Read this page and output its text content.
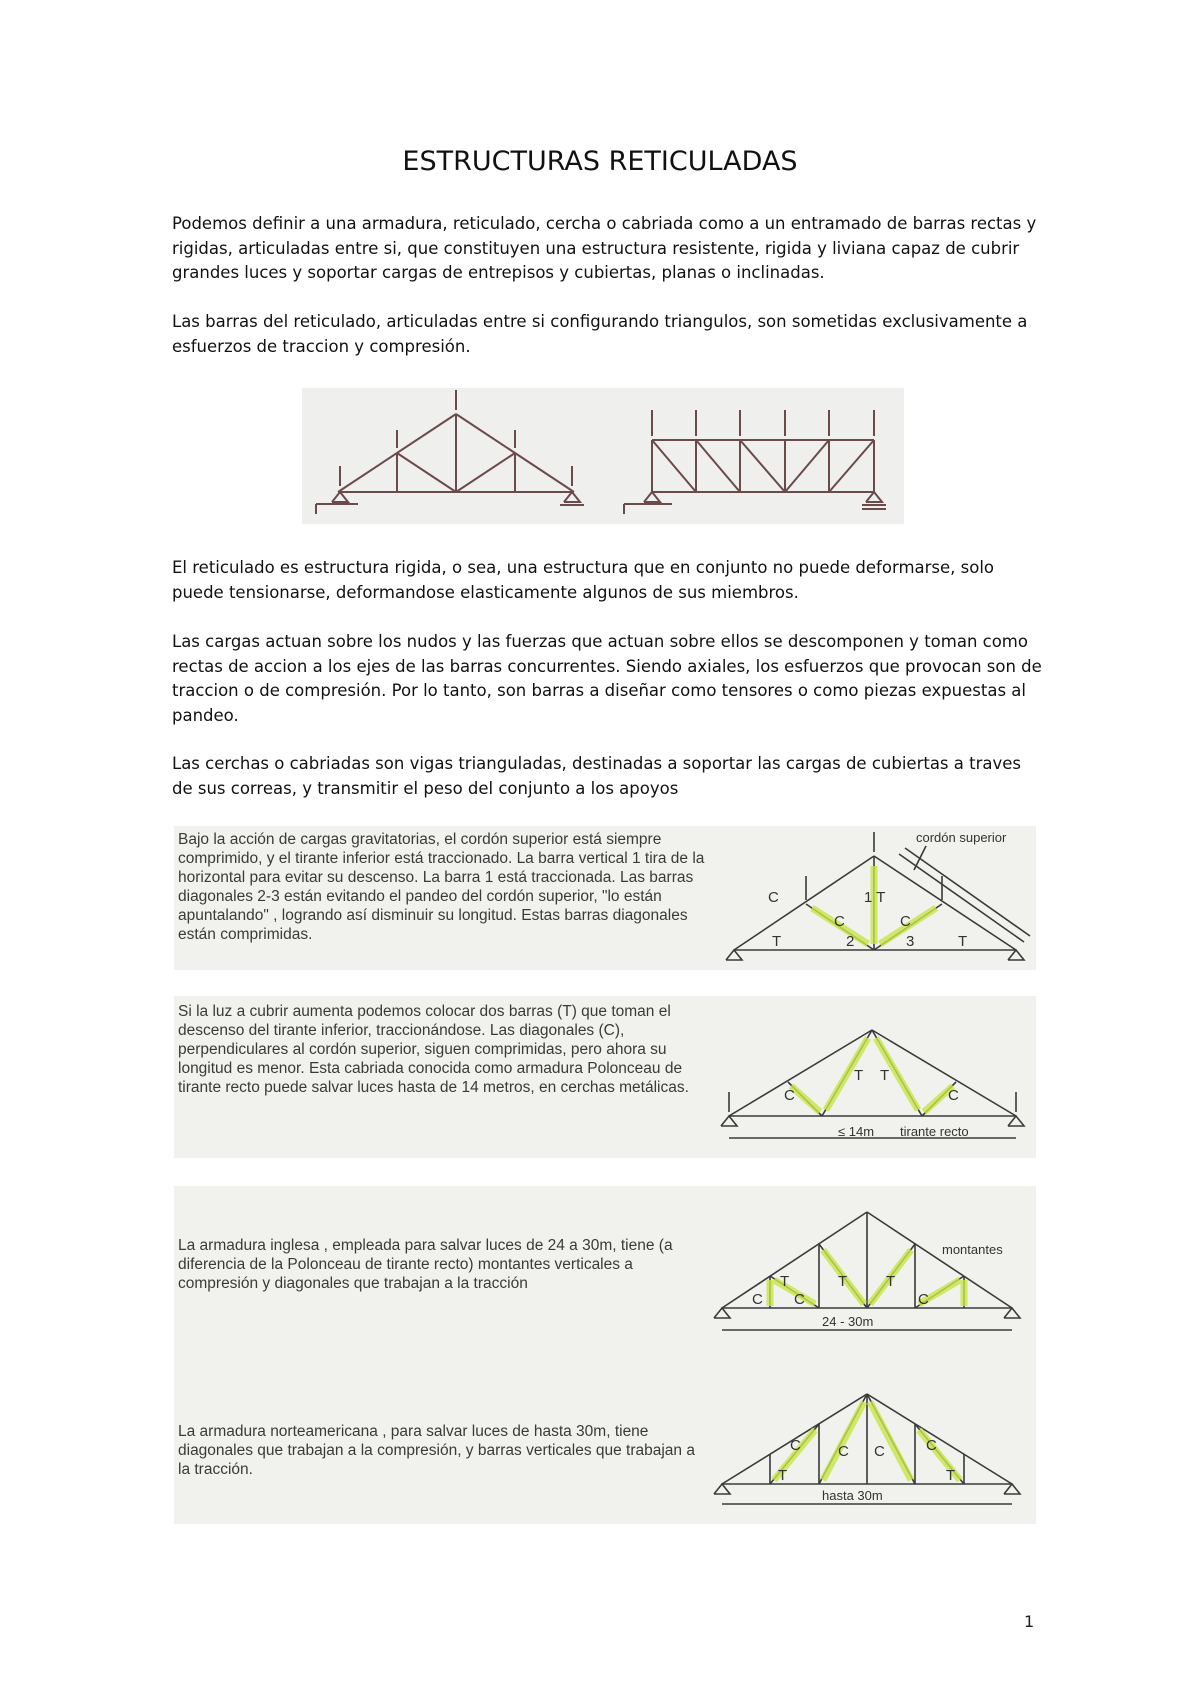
ESTRUCTURAS RETICULADAS
Podemos definir a una armadura, reticulado, cercha o cabriada como a un entramado de barras rectas y rigidas, articuladas entre si, que constituyen una estructura resistente, rigida y liviana capaz de cubrir grandes luces y soportar cargas de entrepisos y cubiertas, planas o inclinadas.
Las barras del reticulado, articuladas entre si configurando triangulos, son sometidas exclusivamente a esfuerzos de traccion y compresión.
El reticulado es estructura rigida, o sea, una estructura que en conjunto no puede deformarse, solo puede tensionarse, deformandose elasticamente algunos de sus miembros.
Las cargas actuan sobre los nudos y las fuerzas que actuan sobre ellos se descomponen y toman como rectas de accion a los ejes de las barras concurrentes. Siendo axiales, los esfuerzos que provocan son de traccion o de compresión. Por lo tanto, son barras a diseñar como tensores o como piezas expuestas al pandeo.
Las cerchas o cabriadas son vigas trianguladas, destinadas a soportar las cargas de cubiertas a traves de sus correas, y transmitir el peso del conjunto a los apoyos
Bajo la acción de cargas gravitatorias, el cordón superior está siempre comprimido, y el tirante inferior está traccionado. La barra vertical 1 tira de la horizontal para evitar su descenso. La barra 1 está traccionada. Las barras diagonales 2-3 están evitando el pandeo del cordón superior, "lo están apuntalando" , logrando así disminuir su longitud. Estas barras diagonales están comprimidas.
cordón superior
C
C	C
1 T
T	T
2	3
Si la luz a cubrir aumenta podemos colocar dos barras (T) que toman el descenso del tirante inferior, traccionándose. Las diagonales (C), perpendiculares al cordón superior, siguen comprimidas, pero ahora su longitud es menor. Esta cabriada conocida como armadura Polonceau de tirante recto puede salvar luces hasta de 14 metros, en cerchas metálicas.	C	C
T T
≤ 14m tirante recto
La armadura inglesa , empleada para salvar luces de 24 a 30m, tiene (a diferencia de la Polonceau de tirante recto) montantes verticales a compresión y diagonales que trabajan a la tracción
La armadura norteamericana , para salvar luces de hasta 30m, tiene diagonales que trabajan a la compresión, y barras verticales que trabajan a la tracción.
C C
T	T	T
C
montantes
24 - 30m
T
C C C	C
T
hasta 30m
1
